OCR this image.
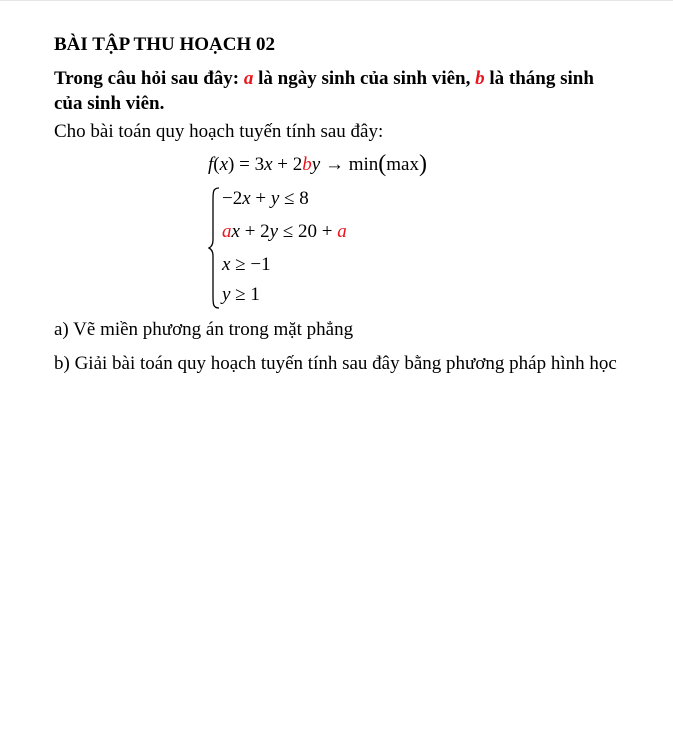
BÀI TẬP THU HOẠCH 02
Trong câu hỏi sau đây: a là ngày sinh của sinh viên, b là tháng sinh của sinh viên.
Cho bài toán quy hoạch tuyến tính sau đây:
f(x) = 3x + 2by → min(max)
−2x + y ≤ 8
ax + 2y ≤ 20 + a
x ≥ −1
y ≥ 1
a) Vẽ miền phương án trong mặt phẳng
b) Giải bài toán quy hoạch tuyến tính sau đây bằng phương pháp hình học
